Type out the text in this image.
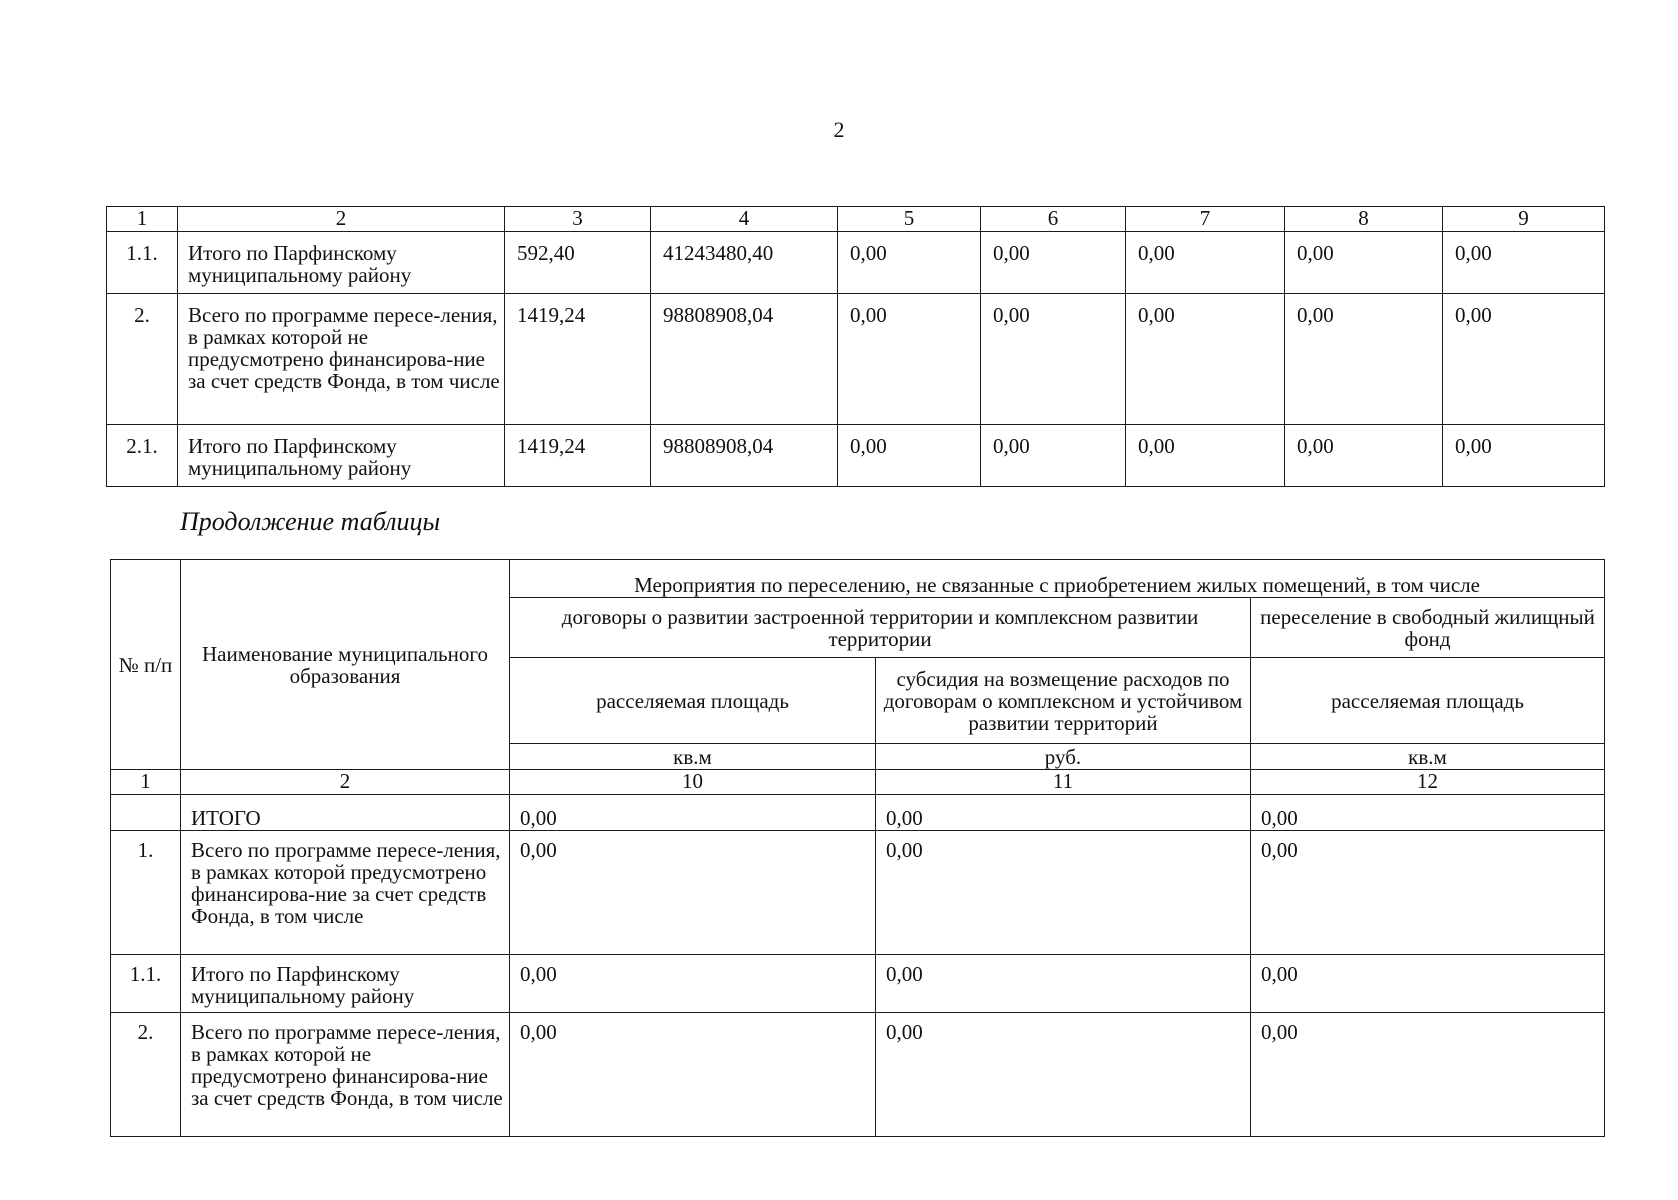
2
1	2	3	4	5	6	7	8	9
1.1.	Итого по Парфинскому муниципальному району	592,40	41243480,40	0,00	0,00	0,00	0,00	0,00
2.	Всего по программе пересе-ления, в рамках которой не предусмотрено финансирова-ние за счет средств Фонда, в том числе	1419,24	98808908,04	0,00	0,00	0,00	0,00	0,00
2.1.	Итого по Парфинскому муниципальному району	1419,24	98808908,04	0,00	0,00	0,00	0,00	0,00
Продолжение таблицы
№ п/п	Наименование муниципального образования	Мероприятия по переселению, не связанные с приобретением жилых помещений, в том числе		
		договоры о развитии застроенной территории и комплексном развитии территории		переселение в свободный жилищный фонд
		расселяемая площадь	субсидия на возмещение расходов по договорам о комплексном и устойчивом развитии территорий	расселяемая площадь
		кв.м	руб.	кв.м
1	2	10	11	12
	ИТОГО	0,00	0,00	0,00
1.	Всего по программе пересе-ления, в рамках которой предусмотрено финансирова-ние за счет средств Фонда, в том числе	0,00	0,00	0,00
1.1.	Итого по Парфинскому муниципальному району	0,00	0,00	0,00
2.	Всего по программе пересе-ления, в рамках которой не предусмотрено финансирова-ние за счет средств Фонда, в том числе	0,00	0,00	0,00
